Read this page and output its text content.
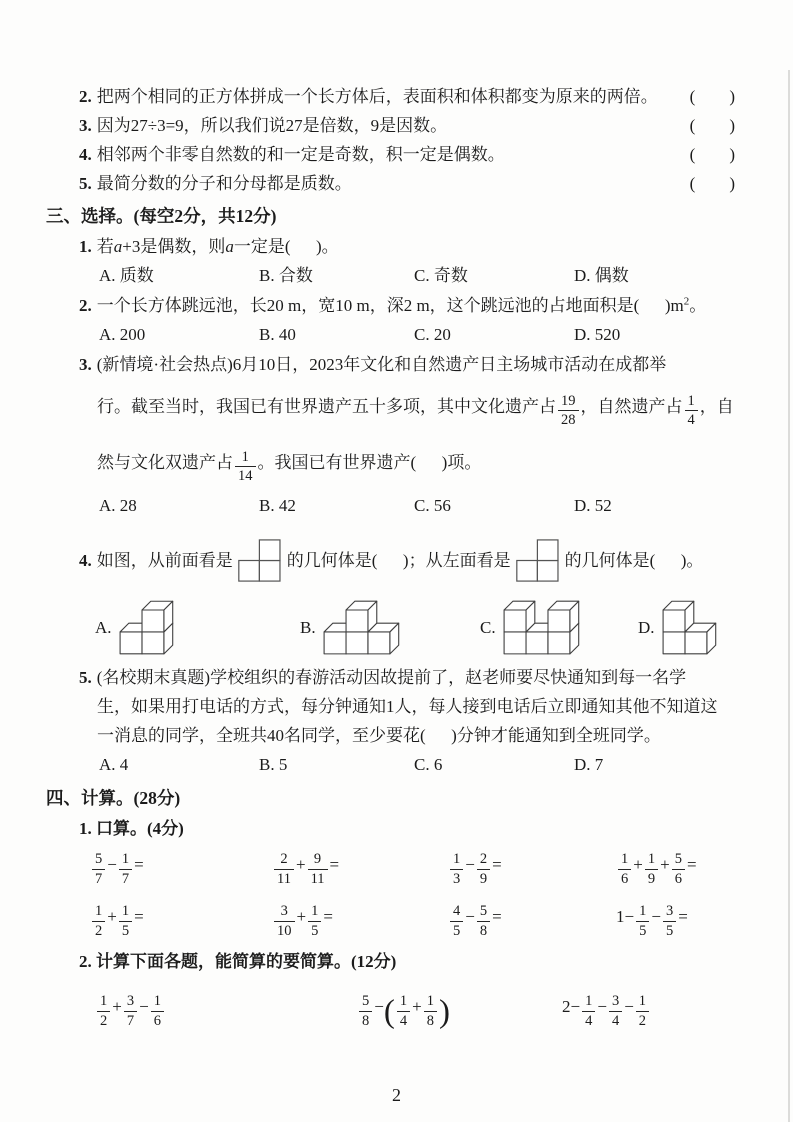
2. 把两个相同的正方体拼成一个长方体后，表面积和体积都变为原来的两倍。	(        )
3. 因为27÷3=9，所以我们说27是倍数，9是因数。	(        )
4. 相邻两个非零自然数的和一定是奇数，积一定是偶数。	(        )
5. 最简分数的分子和分母都是质数。	(        )
三、选择。(每空2分，共12分)
1. 若a+3是偶数，则a一定是(      )。
A. 质数	B. 合数	C. 奇数	D. 偶数
2. 一个长方体跳远池，长20 m，宽10 m，深2 m，这个跳远池的占地面积是(      )$m^2$。
A. 200	B. 40	C. 20	D. 520
3. (新情境·社会热点)6月10日，2023年文化和自然遗产日主场城市活动在成都举
行。截至当时，我国已有世界遗产五十多项，其中文化遗产占 $\frac{19}{28}$ ，自然遗产占 $\frac{1}{4}$ ，自
然与文化双遗产占 $\frac{1}{14}$ 。我国已有世界遗产(      )项。
A. 28	B. 42	C. 56	D. 52
4. 如图，从前面看是	的几何体是(      )；从左面看是	的几何体是(      )。
A.	B.	C.	D.
5. (名校期末真题)学校组织的春游活动因故提前了，赵老师要尽快通知到每一名学
生，如果用打电话的方式，每分钟通知1人，每人接到电话后立即通知其他不知道这
一消息的同学，全班共40名同学，至少要花(      )分钟才能通知到全班同学。
A. 4	B. 5	C. 6	D. 7
四、计算。(28分)
1. 口算。(4分)
$\frac{5}{7} - \frac{1}{7}$ =	$\frac{2}{11} + \frac{9}{11}$ =	$\frac{1}{3} - \frac{2}{9}$ =	$\frac{1}{6} + \frac{1}{9} + \frac{5}{6}$ =
$\frac{1}{2} + \frac{1}{5}$ =	$\frac{3}{10} + \frac{1}{5}$ =	$\frac{4}{5} - \frac{5}{8}$ =	$1- \frac{1}{5} - \frac{3}{5}$ =
2. 计算下面各题，能简算的要简算。(12分)
$\frac{1}{2} + \frac{3}{7} - \frac{1}{6}$	$\frac{5}{8}$ −( $\frac{1}{4} + \frac{1}{8}$ )	$2- \frac{1}{4} - \frac{3}{4} - \frac{1}{2}$
2
